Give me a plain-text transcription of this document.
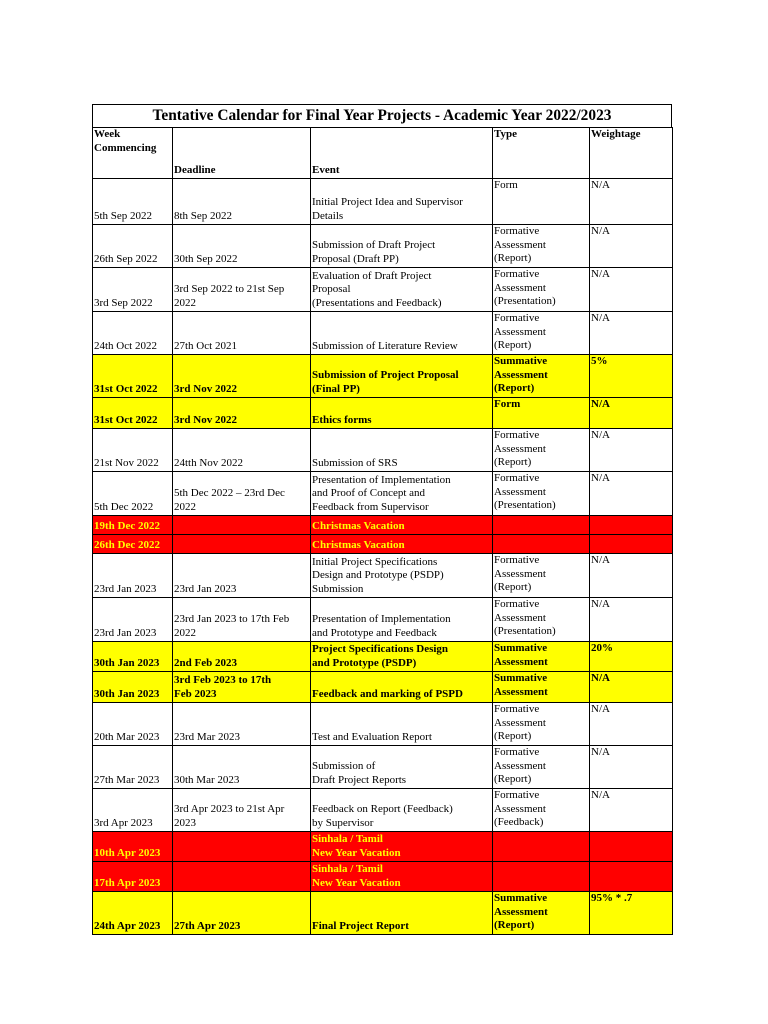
Tentative Calendar for Final Year Projects - Academic Year 2022/2023
Week
Commencing	Deadline	Event	Type	Weightage
5th Sep 2022	8th Sep 2022	Initial Project Idea and Supervisor
Details	Form	N/A
26th Sep 2022	30th Sep 2022	Submission of Draft Project
Proposal (Draft PP)	Formative
Assessment
(Report)	N/A
3rd Sep 2022	3rd Sep 2022 to 21st Sep
2022	Evaluation of Draft Project
Proposal
(Presentations and Feedback)	Formative
Assessment
(Presentation)	N/A
24th Oct 2022	27th Oct 2021	Submission of Literature Review	Formative
Assessment
(Report)	N/A
31st Oct 2022	3rd Nov 2022	Submission of Project Proposal
(Final PP)	Summative
Assessment
(Report)	5%
31st Oct 2022	3rd Nov 2022	Ethics forms	Form	N/A
21st Nov 2022	24tth Nov 2022	Submission of SRS	Formative
Assessment
(Report)	N/A
5th Dec 2022	5th Dec 2022 – 23rd Dec
2022	Presentation of Implementation
and Proof of Concept and
Feedback from Supervisor	Formative
Assessment
(Presentation)	N/A
19th Dec 2022		Christmas Vacation		
26th Dec 2022		Christmas Vacation		
23rd Jan 2023	23rd Jan 2023	Initial Project Specifications
Design and Prototype (PSDP)
Submission	Formative
Assessment
(Report)	N/A
23rd Jan 2023	23rd Jan 2023 to 17th Feb
2022	Presentation of Implementation
and Prototype and Feedback	Formative
Assessment
(Presentation)	N/A
30th Jan 2023	2nd Feb 2023	Project Specifications Design
and Prototype (PSDP)	Summative
Assessment	20%
30th Jan 2023	3rd Feb 2023 to 17th
Feb 2023	Feedback and marking of PSPD	Summative
Assessment	N/A
20th Mar 2023	23rd Mar 2023	Test and Evaluation Report	Formative
Assessment
(Report)	N/A
27th Mar 2023	30th Mar 2023	Submission of
Draft Project Reports	Formative
Assessment
(Report)	N/A
3rd Apr 2023	3rd Apr 2023 to 21st Apr
2023	Feedback on Report (Feedback)
by Supervisor	Formative
Assessment
(Feedback)	N/A
10th Apr 2023		Sinhala / Tamil
New Year Vacation		
17th Apr 2023		Sinhala / Tamil
New Year Vacation		
24th Apr 2023	27th Apr 2023	Final Project Report	Summative
Assessment
(Report)	95% * .7
